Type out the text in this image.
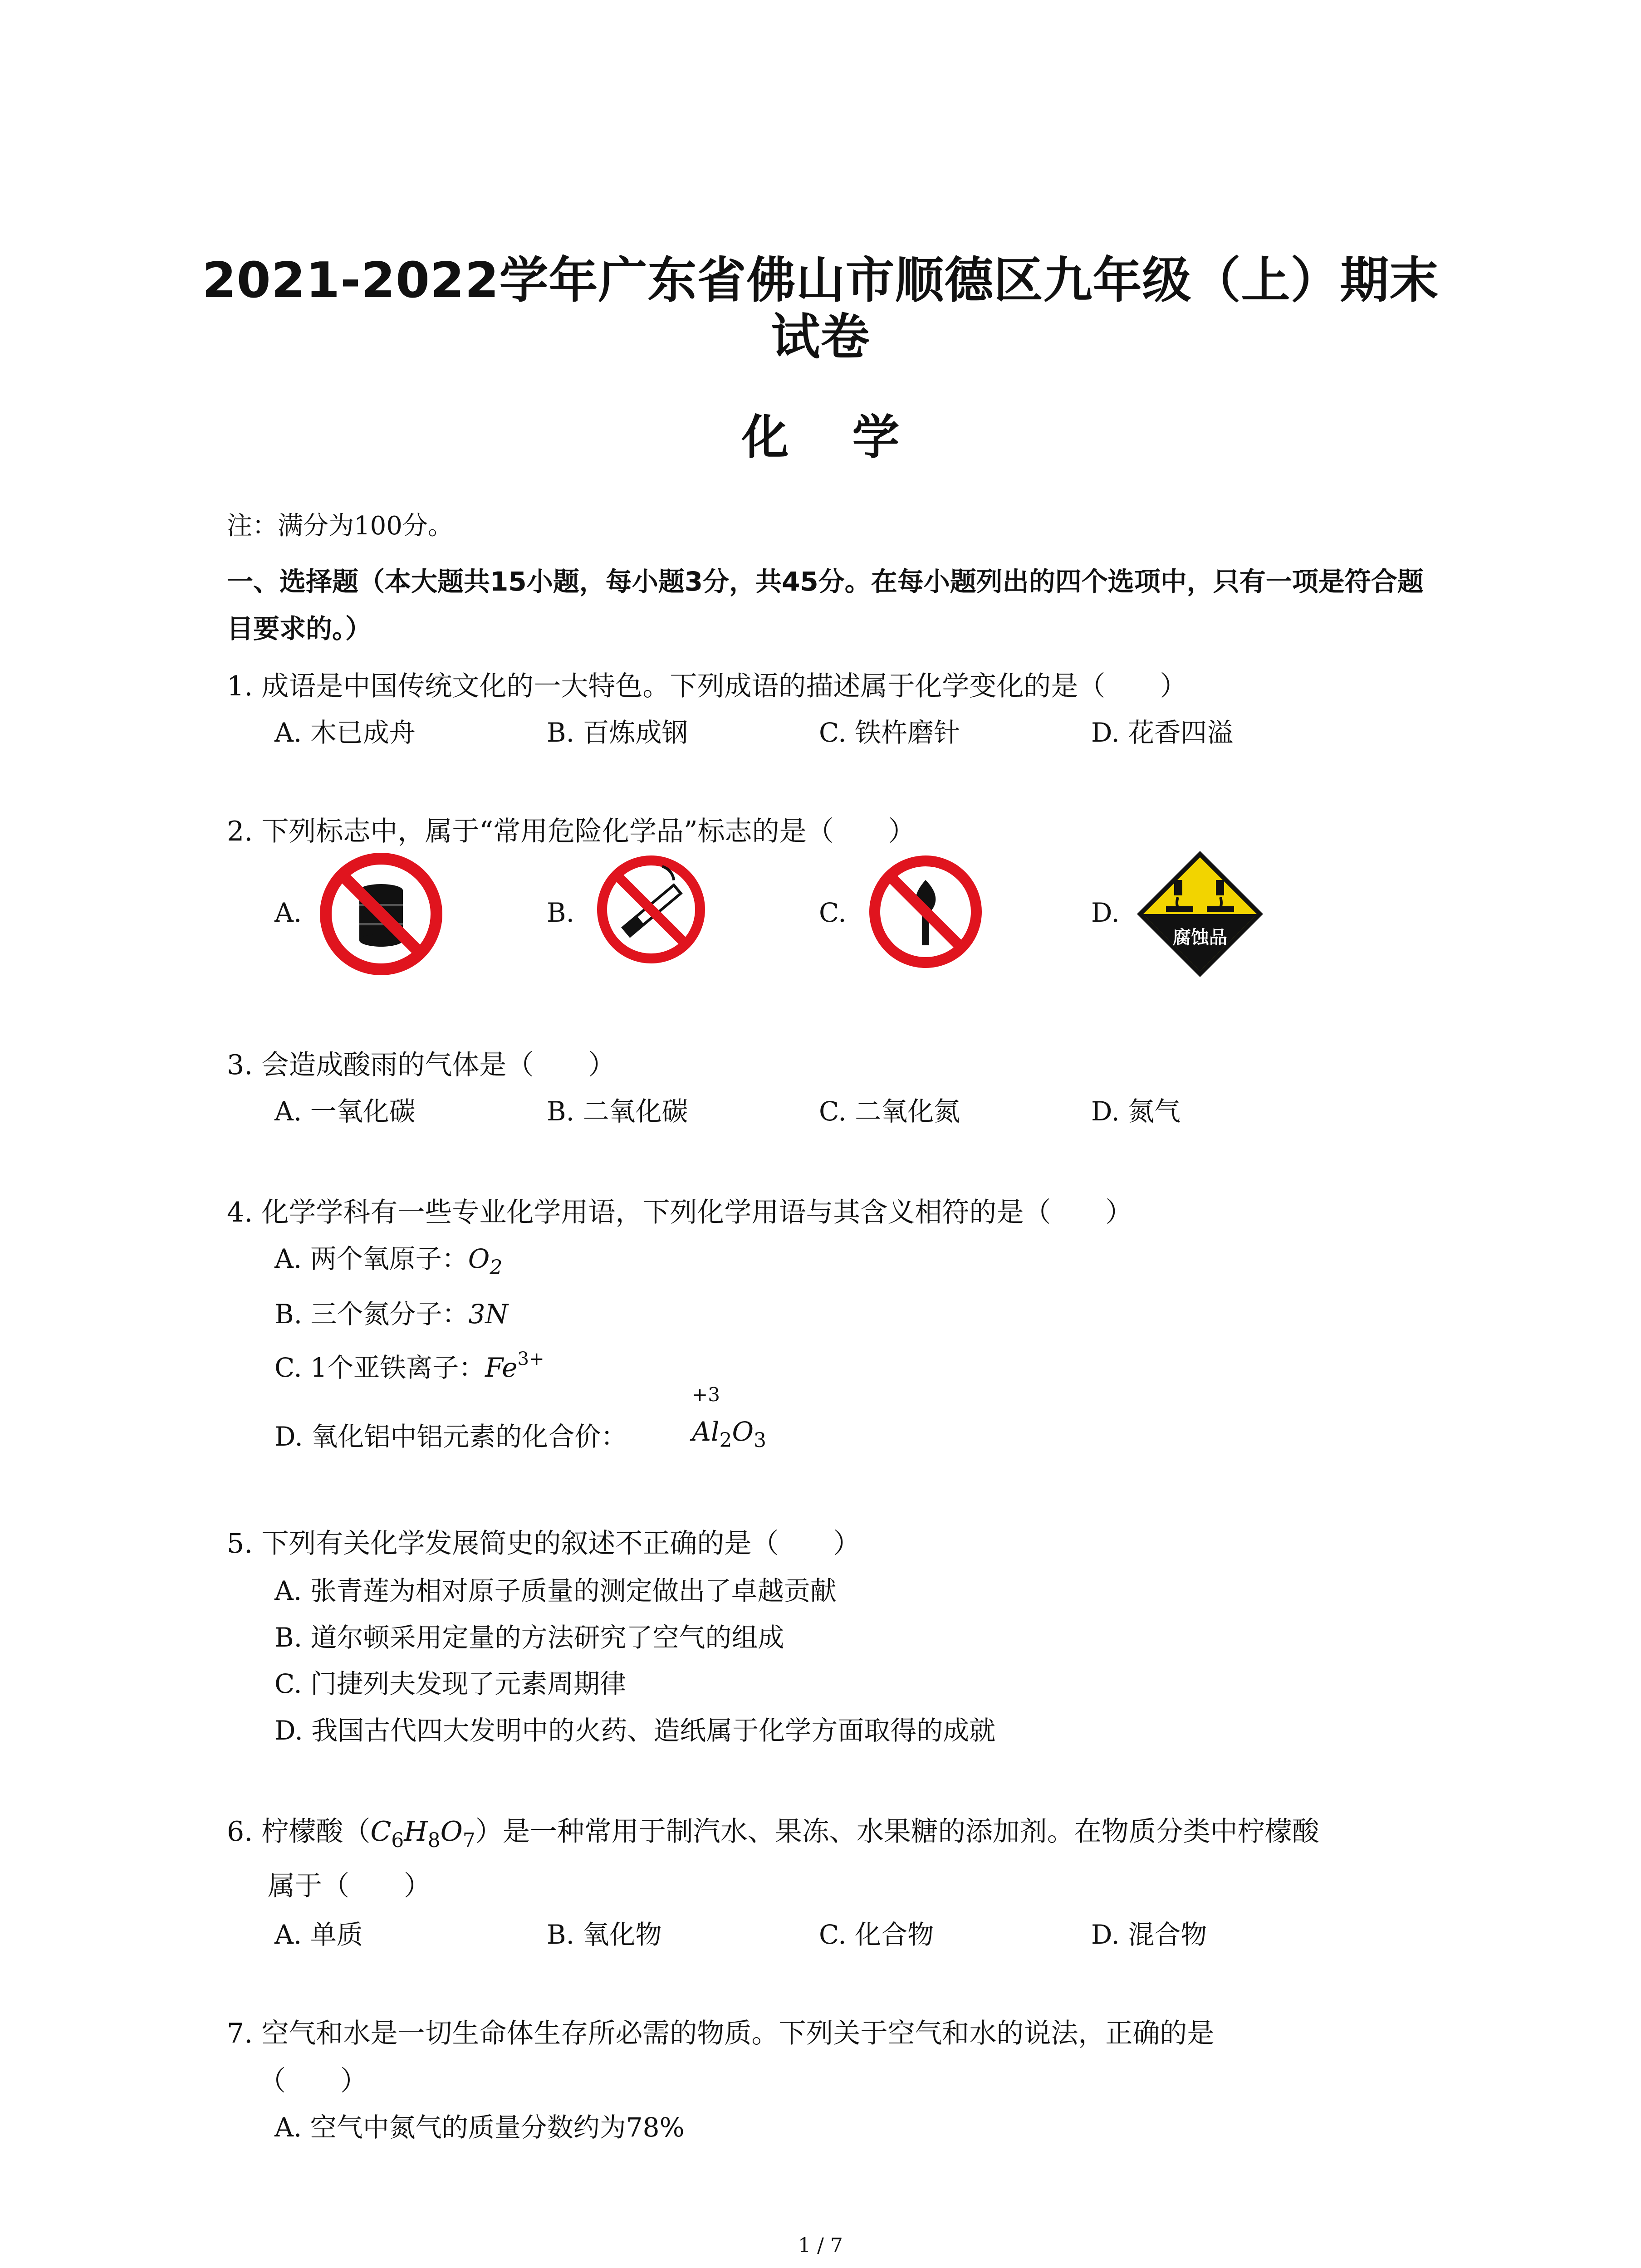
2021-2022学年广东省佛山市顺德区九年级（上）期末
试卷
化学
注：满分为100分。
一、选择题（本大题共15小题，每小题3分，共45分。在每小题列出的四个选项中，只有一项是符合题目要求的。）
1. 成语是中国传统文化的一大特色。下列成语的描述属于化学变化的是（　　）
A. 木已成舟	B. 百炼成钢	C. 铁杵磨针	D. 花香四溢
2. 下列标志中，属于“常用危险化学品”标志的是（　　）
A.	B.	C.	D.
腐蚀品
3. 会造成酸雨的气体是（　　）
A. 一氧化碳	B. 二氧化碳	C. 二氧化氮	D. 氮气
4. 化学学科有一些专业化学用语，下列化学用语与其含义相符的是（　　）
A. 两个氧原子：$O_2$
B. 三个氮分子：3N
C. 1个亚铁离子：$Fe^{3+}$
D. 氧化铝中铝元素的化合价：
+3
$Al_2O_3$
5. 下列有关化学发展简史的叙述不正确的是（　　）
A. 张青莲为相对原子质量的测定做出了卓越贡献
B. 道尔顿采用定量的方法研究了空气的组成
C. 门捷列夫发现了元素周期律
D. 我国古代四大发明中的火药、造纸属于化学方面取得的成就
6. 柠檬酸$(C_6H_8O_7)$是一种常用于制汽水、果冻、水果糖的添加剂。在物质分类中柠檬酸
属于（　　）
A. 单质	B. 氧化物	C. 化合物	D. 混合物
7. 空气和水是一切生命体生存所必需的物质。下列关于空气和水的说法，正确的是
（　　）
A. 空气中氮气的质量分数约为78%
1 / 7
